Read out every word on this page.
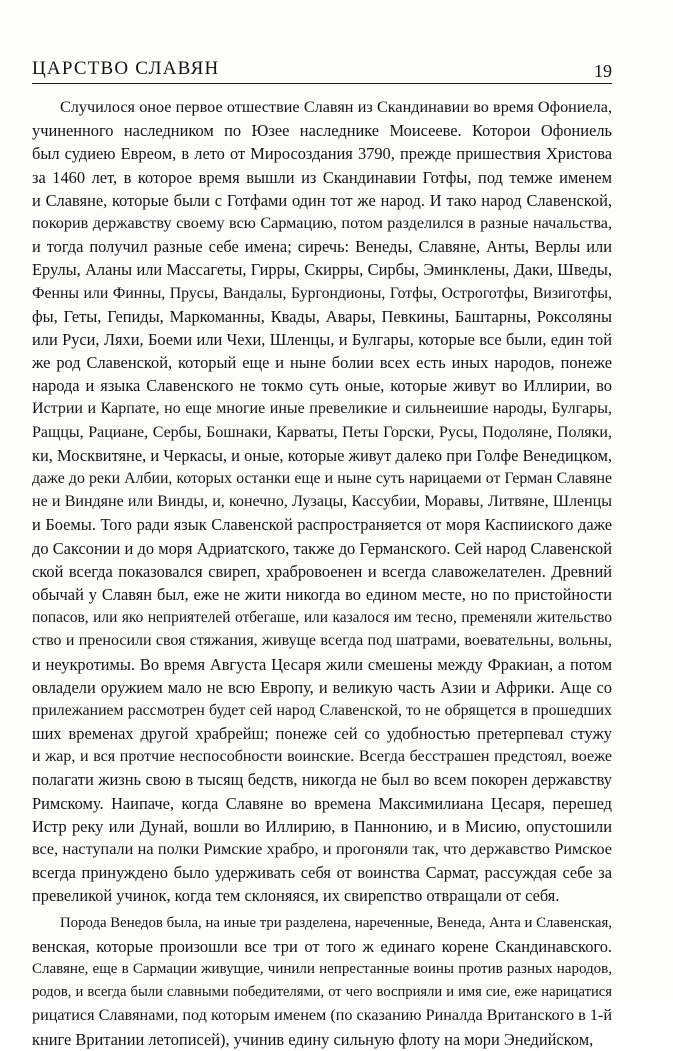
ЦАРСТВО СЛАВЯН	19
Случилося оное первое отшествие Славян из Скандинавии во время Офониела,
учиненного наследником по Юзее наследнике Моисееве. Которои Офониель
был судиею Евреом, в лето от Миросоздания 3790, прежде пришествия Христова
за 1460 лет, в которое время вышли из Скандинавии Готфы, под темже именем
и Славяне, которые были с Готфами один тот же народ. И тако народ Славенской,
покорив державству своему всю Сармацию, потом разделился в разные начальства,
и тогда получил разные себе имена; сиречь: Венеды, Славяне, Анты, Верлы или
Ерулы, Аланы или Массагеты, Гирры, Скирры, Сирбы, Эминклены, Даки, Шведы,
Фенны или Финны, Прусы, Вандалы, Бургондионы, Готфы, Остроготфы, Визиготфы,
фы, Геты, Гепиды, Маркоманны, Квады, Авары, Певкины, Баштарны, Роксоляны
или Руси, Ляхи, Боеми или Чехи, Шленцы, и Булгары, которые все были, един той
же род Славенской, который еще и ныне болии всех есть иных народов, понеже
народа и языка Славенского не токмо суть оные, которые живут во Иллирии, во
Истрии и Карпате, но еще многие иные превеликие и сильнеишие народы, Булгары,
Ращцы, Рациане, Сербы, Бошнаки, Карваты, Петы Горски, Русы, Подоляне, Поляки,
ки, Москвитяне, и Черкасы, и оные, которые живут далеко при Голфе Венедицком,
даже до реки Албии, которых останки еще и ныне суть нарицаеми от Герман Славяне
не и Виндяне или Винды, и, конечно, Лузацы, Кассубии, Моравы, Литвяне, Шленцы
и Боемы. Того ради язык Славенской распространяется от моря Каспииского даже
до Саксонии и до моря Адриатского, также до Германского. Сей народ Славенской
ской всегда показовался свиреп, храбровоенен и всегда славожелателен. Древний
обычай у Славян был, еже не жити никогда во едином месте, но по пристойности
попасов, или яко неприятелей отбегаше, или казалося им тесно, пременяли жительство
ство и преносили своя стяжания, живуще всегда под шатрами, воевательны, вольны,
и неукротимы. Во время Августа Цесаря жили смешены между Фракиан, а потом
овладели оружием мало не всю Европу, и великую часть Азии и Африки. Аще со
прилежанием рассмотрен будет сей народ Славенской, то не обрящется в прошедших
ших временах другой храбрейш; понеже сей со удобностью претерпевал стужу
и жар, и вся протчие неспособности воинские. Всегда бесстрашен предстоял, воеже
полагати жизнь свою в тысящ бедств, никогда не был во всем покорен державству
Римскому. Наипаче, когда Славяне во времена Максимилиана Цесаря, перешед
Истр реку или Дунай, вошли во Иллирию, в Паннонию, и в Мисию, опустошили
все, наступали на полки Римские храбро, и прогоняли так, что державство Римское
всегда принуждено было удерживать себя от воинства Сармат, рассуждая себе за
превеликой учинок, когда тем склоняяся, их свирепство отвращали от себя.
Порода Венедов была, на иные три разделена, нареченные, Венеда, Анта и Славенская,
венская, которые произошли все три от того ж единаго корене Скандинавского.
Славяне, еще в Сармации живущие, чинили непрестанные воины против разных народов,
родов, и всегда были славными победителями, от чего восприяли и имя сие, еже нарицатися
рицатися Славянами, под которым именем (по сказанию Риналда Вританского в 1-й
книге Вритании летописей), учинив едину сильную флоту на мори Энедийском,
